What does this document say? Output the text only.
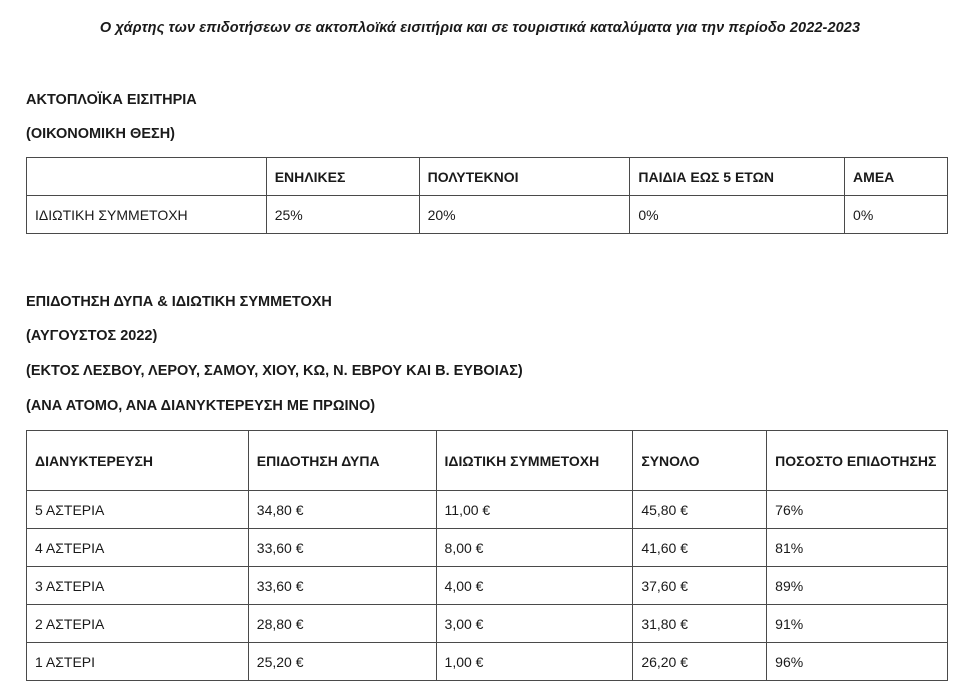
Ο χάρτης των επιδοτήσεων σε ακτοπλοϊκά εισιτήρια και σε τουριστικά καταλύματα για την περίοδο 2022-2023
ΑΚΤΟΠΛΟΪΚΑ ΕΙΣΙΤΗΡΙΑ
(ΟΙΚΟΝΟΜΙΚΗ ΘΕΣΗ)
	ΕΝΗΛΙΚΕΣ	ΠΟΛΥΤΕΚΝΟΙ	ΠΑΙΔΙΑ ΕΩΣ 5 ΕΤΩΝ	ΑΜΕΑ
ΙΔΙΩΤΙΚΗ ΣΥΜΜΕΤΟΧΗ	25%	20%	0%	0%
ΕΠΙΔΟΤΗΣΗ ΔΥΠΑ & ΙΔΙΩΤΙΚΗ ΣΥΜΜΕΤΟΧΗ
(ΑΥΓΟΥΣΤΟΣ 2022)
(ΕΚΤΟΣ ΛΕΣΒΟΥ, ΛΕΡΟΥ, ΣΑΜΟΥ, ΧΙΟΥ, ΚΩ, Ν. ΕΒΡΟΥ ΚΑΙ Β. ΕΥΒΟΙΑΣ)
(ΑΝΑ ΑΤΟΜΟ, ΑΝΑ ΔΙΑΝΥΚΤΕΡΕΥΣΗ ΜΕ ΠΡΩΙΝΟ)
ΔΙΑΝΥΚΤΕΡΕΥΣΗ	ΕΠΙΔΟΤΗΣΗ ΔΥΠΑ	ΙΔΙΩΤΙΚΗ ΣΥΜΜΕΤΟΧΗ	ΣΥΝΟΛΟ	ΠΟΣΟΣΤΟ ΕΠΙΔΟΤΗΣΗΣ
5 ΑΣΤΕΡΙΑ	34,80 €	11,00 €	45,80 €	76%
4 ΑΣΤΕΡΙΑ	33,60 €	8,00 €	41,60 €	81%
3 ΑΣΤΕΡΙΑ	33,60 €	4,00 €	37,60 €	89%
2 ΑΣΤΕΡΙΑ	28,80 €	3,00 €	31,80 €	91%
1 ΑΣΤΕΡΙ	25,20 €	1,00 €	26,20 €	96%
